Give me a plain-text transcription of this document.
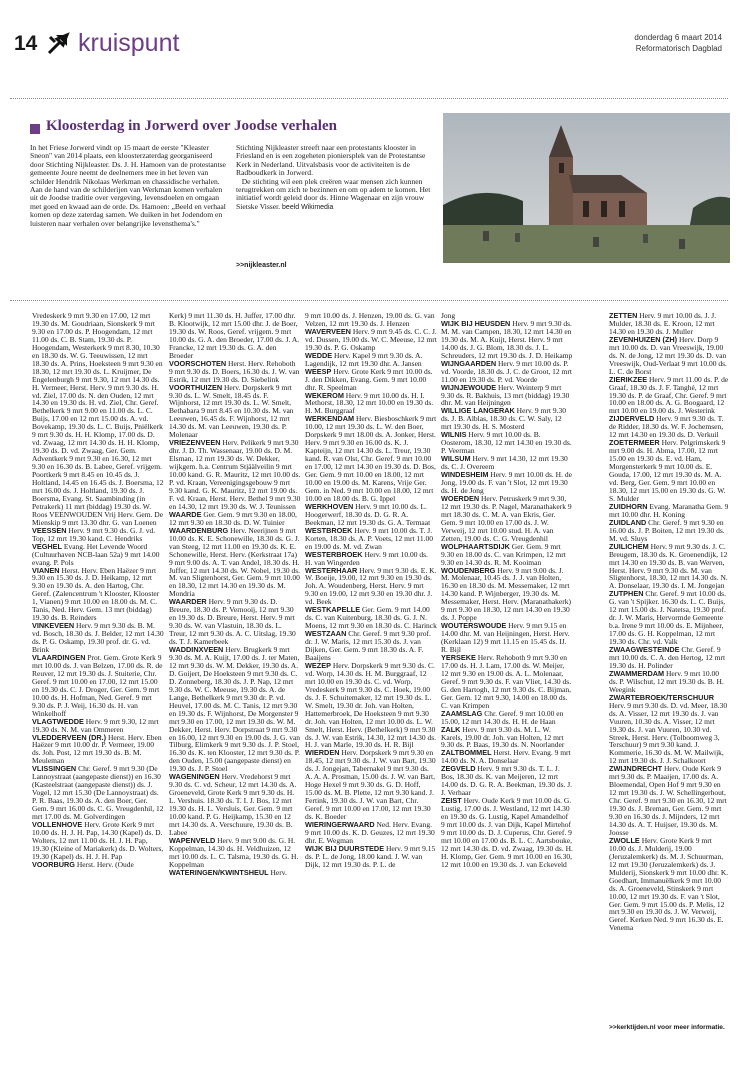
14 kruispunt	donderdag 6 maart 2014
Reformatorisch Dagblad
Kloosterdag in Jorwerd over Joodse verhalen

In het Friese Jorwerd vindt op 15 maart de eerste "Kleaster Sneon" van 2014 plaats, een kloosterzaterdag georganiseerd door Stichting Nijkleaster. Ds. J. H. Hamoen van de protestantse gemeente Joure neemt de deelnemers mee in het leven van schilder Hendrik Nikolaas Werkman en chassidische verhalen. Aan de hand van de schilderijen van Werkman komen verhalen uit de Joodse traditie over vergeving, levensdoelen en omgaan met goed en kwaad aan de orde. Ds. Hamoen: „Beeld en verhaal komen op deze zaterdag samen. We duiken in het Jodendom en luisteren naar verhalen over belangrijke levensthema's."

Stichting Nijkleaster streeft naar een protestants klooster in Friesland en is een zogeheten pioniersplek van de Protestantse Kerk in Nederland. Uitvalsbasis voor de activiteiten is de Radboudkerk in Jorwerd.
De stichting wil een plek creëren waar mensen zich kunnen terugtrekken om zich te bezinnen en om op adem te komen. Het initiatief wordt geleid door ds. Hinne Wagenaar en zijn vrouw Sietske Visser. beeld Wikimedia

>>nijkleaster.nl

Vredeskerk 9 mrt 9.30 en 17.00, 12 mrt 19.30 ds. M. Goudriaan, Sionskerk 9 mrt 9.30 en 17.00 ds. P. Hoogendam, 12 mrt 11.00 ds. C. B. Stam, 19.30 ds. P. Hoogendam, Westerkerk 9 mrt 8.30, 10.30 en 18.30 ds. W. G. Teeuwissen, 12 mrt 18.30 ds. A. Prins, Hoeksteen 9 mrt 9.30 en 18.30, 12 mrt 19.30 ds. L. Kruijmer, De Engelenburgh 9 mrt 9.30, 12 mrt 14.30 ds. H. Vermeer, Herst. Herv. 9 mrt 9.30 ds. H. vd. Ziel, 17.00 ds. N. den Ouden, 12 mrt 14.30 en 19.30 ds. H. vd. Ziel, Chr. Geref. Bethelkerk 9 mrt 9.00 en 11.00 ds. L. C. Buijs, 17.00 en 12 mrt 15.00 ds. A. vd. Bovekamp, 19.30 ds. L. C. Buijs, Pniëlkerk 9 mrt 9.30 ds. H. H. Klomp, 17.00 ds. D. vd. Zwaag, 12 mrt 14.30 ds. H. H. Klomp, 19.30 ds. D. vd. Zwaag, Ger. Gem. Adventkerk 9 mrt 9.30 en 16.30, 12 mrt 9.30 en 16.30 ds. B. Labee, Geref. vrijgem. Poortkerk 9 mrt 8.45 en 10.45 ds. J. Holtland, 14.45 en 16.45 ds. J. Boersma, 12 mrt 16.00 ds. J. Holtland, 19.30 ds. J. Boersma, Evang. St. Saambinding (in Petrakerk) 11 mrt (biddag) 19.30 ds. W. Roos VEENWOUDEN Vrij Herv. Gem. De Mienskip 9 mrt 13.30 dhr. G. van Loenen

VEESSEN Herv. 9 mrt 9.30 ds. G. J. vd. Top, 12 mrt 19.30 kand. C. Hendriks

VEGHEL Evang. Het Levende Woord (Cultuurhaven NCB-laan 52a) 9 mrt 14.00 evang. P. Pols

VIANEN Herst. Herv. Eben Haëzer 9 mrt 9.30 en 15.30 ds. J. D. Heikamp, 12 mrt 9.30 en 19.30 ds. A. den Hartog, Chr. Geref. (Zalencentrum 't Klooster, Klooster 1, Vianen) 9 mrt 10.00 en 18.00 ds. M. C. Tanis, Ned. Herv. Gem. 13 mrt (biddag) 19.30 ds. B. Reinders

VINKEVEEN Herv. 9 mrt 9.30 ds. B. M. vd. Bosch, 18.30 ds. J. Belder, 12 mrt 14.30 ds. P. G. Oskamp, 19.30 prof. dr. G. vd. Brink

VLAARDINGEN Prot. Gem. Grote Kerk 9 mrt 10.00 ds. J. van Belzen, 17.00 ds. R. de Reuver, 12 mrt 19.30 ds. J. Stuiterie, Chr. Geref. 9 mrt 10.00 en 17.00, 12 mrt 15.00 en 19.30 ds. C. J. Droger, Ger. Gem. 9 mrt 10.00 ds. H. Hofman, Ned. Geref. 9 mrt 9.30 ds. P. J. Weij, 16.30 ds. H. van Winkelhoff

VLAGTWEDDE Herv. 9 mrt 9.30, 12 mrt 19.30 ds. N. M. van Ommeren

VLEDDERVEEN (DR.) Herst. Herv. Eben Haëzer 9 mrt 10.00 dr. P. Vermeer, 19.00 ds. Joh. Post, 12 mrt 19.30 ds. B. M. Meuleman

VLISSINGEN Chr. Geref. 9 mrt 9.30 (De Lannoystraat (aangepaste dienst)) en 16.30 (Kasteelstraat (aangepaste dienst)) ds. J. Vogel, 12 mrt 15.30 (De Lannoystraat) ds. P. R. Baas, 19.30 ds. A. den Boer, Ger. Gem. 9 mrt 16.00 ds. C. G. Vreugdenhil, 12 mrt 17.00 ds. M. Golverdingen

VOLLENHOVE Herv. Grote Kerk 9 mrt 10.00 ds. H. J. H. Pap, 14.30 (Kapel) ds. D. Wolters, 12 mrt 11.00 ds. H. J. H. Pap, 19.30 (Kleine of Mariakerk) ds. D. Wolters, 19.30 (Kapel) ds. H. J. H. Pap

VOORBURG Herst. Herv. (Oude

Kerk) 9 mrt 11.30 ds. H. Juffer, 17.00 dhr. B. Klootwijk, 12 mrt 15.00 dhr. J. de Boer, 19.30 ds. W. Roos, Geref. vrijgem. 9 mrt 10.00 ds. G. A. den Broeder, 17.00 ds. J. A. Francke, 12 mrt 19.30 ds. G. A. den Broeder

VOORSCHOTEN Herst. Herv. Rehoboth 9 mrt 9.30 ds. D. Boers, 16.30 ds. J. W. van Estrik, 12 mrt 19.30 ds. D. Siebelink

VOORTHUIZEN Herv. Dorpskerk 9 mrt 9.30 ds. L. W. Smelt, 18.45 ds. F. Wijnhorst, 12 mrt 19.30 ds. L. W. Smelt, Bethabara 9 mrt 8.45 en 10.30 ds. M. van Leeuwen, 16.45 ds. F. Wijnhorst, 12 mrt 14.30 ds. M. van Leeuwen, 19.30 ds. P. Molenaar

VRIEZENVEEN Herv. Pelikerk 9 mrt 9.30 dhr. J. D. Th. Wassenaar, 19.00 ds. D. M. Elsman, 12 mrt 19.30 ds. W. Dekker, wijkgem. h.a. Centrum Stjäälveilin 9 mrt 10.00 kand. G. R. Mauritz, 12 mrt 10.00 ds. P. vd. Kraan, Vereenigingsgebouw 9 mrt 9.30 kand. G. K. Mauritz, 12 mrt 19.00 ds. F. vd. Kraan, Herst. Herv. Bethel 9 mrt 9.30 en 14.30, 12 mrt 19.30 ds. W. J. Teunissen

WAARDE Ger. Gem. 9 mrt 9.30 en 18.00, 12 mrt 9.30 en 18.30 ds. D. W. Tuinier

WAARDENBURG Herv. Neerijnen 9 mrt 10.00 ds. K. E. Schonewille, 18.30 ds. G. J. van Steeg, 12 mrt 11.00 en 19.30 ds. K. E. Schonewille, Herst. Herv. (Kerkstraat 17a) 9 mrt 9.00 ds. A. T. van Andel, 18.30 ds. H. Juffer, 12 mrt 14.30 ds. W. Nobel, 19.30 ds. M. van Sligtenhorst, Ger. Gem. 9 mrt 10.00 en 18.30, 12 mrt 14.30 en 19.30 ds. M. Mondria

WAARDER Herv. 9 mrt 9.30 ds. D. Breure, 18.30 ds. P. Vernooij, 12 mrt 9.30 en 19.30 ds. D. Breure, Herst. Herv. 9 mrt 9.30 ds. W. van Vlastuin, 18.30 ds. L. Treur, 12 mrt 9.30 ds. A. C. Uitslag, 19.30 ds. T. J. Kamerbeek

WADDINXVEEN Herv. Brugkerk 9 mrt 9.30 ds. M. A. Kuijt, 17.00 ds. J. ter Maten, 12 mrt 9.30 ds. W. M. Dekker, 19.30 ds. A. D. Goijert, De Hoeksteen 9 mrt 9.30 ds. C. D. Zonneberg, 18.30 ds. J. P. Nap, 12 mrt 9.30 ds. W. C. Meeuse, 19.30 ds. A. de Lange, Bethelkerk 9 mrt 9.30 dr. P. vd. Heuvel, 17.00 ds. M. C. Tanis, 12 mrt 9.30 en 19.30 ds. F. Wijnhorst, De Morgenster 9 mrt 9.30 en 17.00, 12 mrt 19.30 ds. W. M. Dekker, Herst. Herv. Dorpstraat 9 mrt 9.30 en 16.00, 12 mrt 9.30 en 19.00 ds. J. G. van Tilburg, Elimkerk 9 mrt 9.30 ds. J. P. Stoel, 16.30 ds. K. ten Klooster, 12 mrt 9.30 ds. P. den Ouden, 15.00 (aangepaste dienst) en 19.30 ds. J. P. Stoel

WAGENINGEN Herv. Vredehorst 9 mrt 9.30 ds. C. vd. Scheur, 12 mrt 14.30 ds. A. Groeneveld, Grote Kerk 9 mrt 9.30 ds. H. L. Vershuis. 18.30 ds. T. I. J. Bos, 12 mrt 19.30 ds. H. L. Versluis, Ger. Gem. 9 mrt 10.00 kand. P. G. Heijkamp, 15.30 en 12 mrt 14.30 ds. A. Verschuure, 19.30 ds. B. Labee

WAPENVELD Herv. 9 mrt 9.00 ds. G. H. Koppelman, 14.30 ds. H. Veldhuizen, 12 mrt 10.00 ds. L. C. Talsma, 19.30 ds. G. H. Koppelman

WATERINGEN/KWINTSHEUL Herv.

9 mrt 10.00 ds. J. Henzen, 19.00 ds. G. van Velzen, 12 mrt 19.30 ds. J. Henzen

WAVERVEEN Herv. 9 mrt 9.45 ds. C. C. J. vd. Dussen, 19.00 ds. W. C. Meeuse, 12 mrt 19.30 ds. P. G. Oskamp

WEDDE Herv. Kapel 9 mrt 9.30 ds. A. Lagendijk, 12 mrt 19.30 dhr. A. Jansen

WEESP Herv. Grote Kerk 9 mrt 10.00 ds. J. den Dikken, Evang. Gem. 9 mrt 10.00 dhr. R. Speelman

WEKEROM Herv. 9 mrt 10.00 ds. H. I. Methorst, 18.30, 12 mrt 10.00 en 19.30 ds. H. M. Burggraaf

WERKENDAM Herv. Biesboschkerk 9 mrt 10.00, 12 mrt 19.30 ds. L. W. den Boer, Dorpskerk 9 mrt 18.00 ds. A. Jonker, Herst. Herv. 9 mrt 9.30 en 16.00 ds. K. J. Kapteijn, 12 mrt 14.30 ds. L. Treur, 19.30 kand. R. van Olst, Chr. Geref. 9 mrt 10.00 en 17.00, 12 mrt 14.30 en 19.30 ds. D. Bos, Ger. Gem. 9 mrt 10.00 en 18.00, 12 mrt 10.00 en 19.00 ds. M. Karens, Vrije Ger. Gem. in Ned. 9 mrt 10.00 en 18.00, 12 mrt 10.00 en 18.00 ds. B. G. Ippel

WERKHOVEN Herv. 9 mrt 10.00 ds. L. Hoogerwerf, 18.30 ds. D. G. R. A. Beekman, 12 mrt 19.30 ds. G. A. Termaat

WESTBROEK Herv. 9 mrt 10.00 ds. T. J. Korten, 18.30 ds. A. P. Voets, 12 mrt 11.00 en 19.00 ds. M. vd. Zwan

WESTERBROEK Herv. 9 mrt 10.00 ds. H. van Wingerden

WESTERHAAR Herv. 9 mrt 9.30 ds. E. K. W. Boeije, 19.00, 12 mrt 9.30 en 19.30 ds. Joh. A. Woudenberg, Herst. Herv. 9 mrt 9.30 en 19.00, 12 mrt 9.30 en 19.30 dhr. J. vd. Beek

WESTKAPELLE Ger. Gem. 9 mrt 14.00 ds. C. van Kuitenburg, 18.30 ds. G. J. N. Moens, 12 mrt 9.30 en 18.30 ds. C. Harinck

WESTZAAN Chr. Geref. 9 mrt 9.30 prof. dr. J. W. Maris, 12 mrt 15.30 ds. J. van Dijken, Ger. Gem. 9 mrt 18.30 ds. A. F. Baaijens

WEZEP Herv. Dorpskerk 9 mrt 9.30 ds. C. vd. Worp, 14.30 ds. H. M. Burggraaf, 12 mrt 10.00 en 19.30 ds. C. vd. Worp, Vredeskerk 9 mrt 9.30 ds. C. Hoek, 19.00 ds. J. F. Schuitemaker, 12 mrt 19.30 ds. L. W. Smelt, 19.30 dr. Joh. van Holten, Hattemerbroek, De Hoeksteen 9 mrt 9.30 dr. Joh. van Holten, 12 mrt 10.00 ds. L. W. Smelt, Herst. Herv. (Bethelkerk) 9 mrt 9.30 ds. J. W. van Estrik, 14.30, 12 mrt 14.30 ds. H. J. van Marle, 19.30 ds. H. R. Bijl

WIERDEN Herv. Dorpskerk 9 mrt 9.30 en 18.45, 12 mrt 9.30 ds. J. W. van Bart, 19.30 ds. J. Jongejan, Tabernakel 9 mrt 9.30 ds. A. A. A. Prosman, 15.00 ds. J. W. van Bart, Hoge Hexel 9 mrt 9.30 ds. G. D. Hoff, 15.00 ds. M. B. Plette, 12 mrt 9.30 kand. J. Fertink, 19.30 ds. J. W. van Bart, Chr. Geref. 9 mrt 10.00 en 17.00, 12 mrt 19.30 ds. K. Boeder

WIERINGERWAARD Ned. Herv. Evang. 9 mrt 10.00 ds. K. D. Geuzes, 12 mrt 19.30 dhr. E. Wegman

WIJK BIJ DUURSTEDE Herv. 9 mrt 9.15 ds. P. L. de Jong, 18.00 kand. J. W. van Dijk, 12 mrt 19.30 ds. P. L. de

Jong

WIJK BIJ HEUSDEN Herv. 9 mrt 9.30 ds. M. M. van Campen, 18.30, 12 mrt 14.30 en 19.30 ds. M. A. Kuijt, Herst. Herv. 9 mrt 14.00 ds. J. G. Blom, 18.30 ds. J. L. Schreuders, 12 mrt 19.30 ds. J. D. Heikamp

WIJNGAARDEN Herv. 9 mrt 10.00 ds. P. vd. Voorde, 18.30 ds. J. C. de Groot, 12 mrt 11.00 en 19.30 ds. P. vd. Voorde

WIJNJEWOUDE Herv. Weinterp 9 mrt 9.30 ds. R. Bakhuis, 13 mrt (biddag) 19.30 dhr. M. van Heijningen

WILLIGE LANGERAK Herv. 9 mrt 9.30 ds. J. B. Alblas, 18.30 ds. C. W. Saly, 12 mrt 19.30 ds. H. S. Mosterd

WILNIS Herv. 9 mrt 10.00 ds. B. Oosterom, 18.30, 12 mrt 14.30 en 19.30 ds. P. Veerman

WILSUM Herv. 9 mrt 14.30, 12 mrt 19.30 ds. C. J. Overeem

WINDESHEIM Herv. 9 mrt 10.00 ds. H. de Jong, 19.00 ds. F. van 't Slot, 12 mrt 19.30 ds. H. de Jong

WOERDEN Herv. Petruskerk 9 mrt 9.30, 12 mrt 19.30 ds. P. Nagel, Maranathakerk 9 mrt 18.30 ds. C. M. A. van Ekris, Ger. Gem. 9 mrt 10.00 en 17.00 ds. J. W. Verweij, 12 mrt 10.00 stud. H. A. van Zetten, 19.00 ds. C. G. Vreugdenhil

WOLPHAARTSDIJK Ger. Gem. 9 mrt 9.30 en 18.00 ds. C. van Krimpen, 12 mrt 9.30 en 14.30 ds. R. M. Kooiman

WOUDENBERG Herv. 9 mrt 9.00 ds. J. M. Molenaar, 10.45 ds. J. J. van Holten, 16.30 en 18.30 ds. M. Messemaker, 12 mrt 14.30 kand. P. Wijnberger, 19.30 ds. M. Messemaker, Herst. Herv. (Maranathakerk) 9 mrt 9.30 en 18.30, 12 mrt 14.30 en 19.30 ds. J. Poppe

WOUTERSWOUDE Herv. 9 mrt 9.15 en 14.00 dhr. M. van Heijningen, Herst. Herv. (Kerklaan 12) 9 mrt 11.15 en 15.45 ds. IJ. R. Bijl

YERSEKE Herv. Rehoboth 9 mrt 9.30 en 17.00 ds. H. J. Lam, 17.00 ds. W. Meijer, 12 mrt 9.30 en 19.00 ds. A. L. Molenaar, Geref. 9 mrt 9.30 ds. F. van Vliet, 14.30 ds. G. den Hartogh, 12 mrt 9.30 ds. C. Bijman, Ger. Gem. 12 mrt 9.30, 14.00 en 18.00 ds. C. van Krimpen

ZAAMSLAG Chr. Geref. 9 mrt 10.00 en 15.00, 12 mrt 14.30 ds. H. H. de Haan

ZALK Herv. 9 mrt 9.30 ds. M. L. W. Karels, 19.00 dr. Joh. van Holten, 12 mrt 9.30 ds. P. Baas, 19.30 ds. N. Noorlander

ZALTBOMMEL Herst. Herv. Evang. 9 mrt 14.00 ds. N. A. Donselaar

ZEGVELD Herv. 9 mrt 9.30 ds. T. L. J. Bos, 18.30 ds. K. van Meijeren, 12 mrt 14.00 ds. D. G. R. A. Beekman, 19.30 ds. J. J. Verhaar

ZEIST Herv. Oude Kerk 9 mrt 10.00 ds. G. Lustig, 17.00 ds. J. Westland, 12 mrt 14.30 en 19.30 ds. G. Lustig, Kapel Amandelhof 9 mrt 10.00 ds. J. van Dijk, Kapel Mirtehof 9 mrt 10.00 ds. D. J. Cuperus, Chr. Geref. 9 mrt 10.00 en 17.00 ds. B. L. C. Aartsbouke, 12 mrt 14.30 ds. D. vd. Zwaag, 19.30 ds. H. H. Klomp, Ger. Gem. 9 mrt 10.00 en 16.30, 12 mrt 10.00 en 19.30 ds. J. van Eckeveld

ZETTEN Herv. 9 mrt 10.00 ds. J. J. Mulder, 18.30 ds. E. Kroon, 12 mrt 14.30 en 19.30 ds. J. Muller

ZEVENHUIZEN (ZH) Herv. Dorp 9 mrt 10.00 ds. D. van Vreeswijk, 19.00 ds. N. de Jong, 12 mrt 19.30 ds. D. van Vreeswijk, Oud-Verlaat 9 mrt 10.00 ds. L. C. de Borst

ZIERIKZEE Herv. 9 mrt 11.00 ds. P. de Graaf, 18.30 ds. J. F. Tanghé, 12 mrt 19.30 ds. P. de Graaf, Chr. Geref. 9 mrt 10.00 en 18.00 ds. A. G. Boogaard, 12 mrt 10.00 en 19.00 ds. J. Westerink

ZIJDERVELD Herv. 9 mrt 9.30 ds. T. de Ridder, 18.30 ds. W. F. Jochemsen, 12 mrt 14.30 en 19.30 ds. D. Verkuil

ZOETERMEER Herv. Pelgrimskerk 9 mrt 9.00 ds. H. Abma, 17.00, 12 mrt 15.00 en 19.30 ds. E. vd. Ham, Morgensterkerk 9 mrt 10.00 ds. E. Gouda, 17.00, 12 mrt 19.30 ds. M. A. vd. Berg, Ger. Gem. 9 mrt 10.00 en 18.30, 12 mrt 15.00 en 19.30 ds. G. W. S. Mulder

ZUIDHORN Evang. Maranatha Gem. 9 mrt 10.00 dhr. H. Koning

ZUIDLAND Chr. Geref. 9 mrt 9.30 en 16.00 ds. J. P. Boiten, 12 mrt 19.30 ds. M. vd. Sluys

ZUILICHEM Herv. 9 mrt 9.30 ds. J. C. Breugem, 18.30 ds. K. Groenendijk, 12 mrt 14.30 en 19.30 ds. B. van Werven, Herst. Herv. 9 mrt 9.30 ds. M. van Sligtenhorst, 18.30, 12 mrt 14.30 ds. N. A. Donselaar, 19.30 ds. I. M. Jongejan

ZUTPHEN Chr. Geref. 9 mrt 10.00 ds. G. van 't Spijker. 16.30 ds. L. C. Buijs, 12 mrt 15.00 ds. J. Natetsa, 19.30 prof. dr. J. W. Maris, Hervormde Gemeente b.a. Irene 9 mrt 10.00 ds. E. Mijnheer, 17.00 ds. G. H. Koppelman, 12 mrt 19.30 ds. Chr. vd. Valk

ZWAAGWESTEINDE Chr. Geref. 9 mrt 10.00 ds. C. A. den Hertog, 12 mrt 19.30 ds. H. Polinder

ZWAMMERDAM Herv. 9 mrt 10.00 ds. P. Wilschut, 12 mrt 19.30 ds. B. H. Weegink

ZWARTEBROEK/TERSCHUUR Herv. 9 mrt 9.30 ds. D. vd. Meer, 18.30 ds. A. Visser, 12 mrt 19.30 ds. J. van Vuuren, 10.30 ds. A. Visser, 12 mrt 19.30 ds. J. van Vuuren, 10.30 vd. Streek, Herst. Herv. (Tolboomweg 3, Terschuur) 9 mrt 9.30 kand. J. Kommerie, 16.30 ds. M. W. Mailwijk, 12 mrt 19.30 ds. J. J. Schalkoort

ZWIJNDRECHT Herv. Oude Kerk 9 mrt 9.30 ds. P. Maaijen, 17.00 ds. A. Bloemendal, Open Hof 9 mrt 9.30 en 12 mrt 19.30 ds. J. W. Schellingerhout, Chr. Geref. 9 mrt 9.30 en 16.30, 12 mrt 19.30 ds. J. Breman, Ger. Gem. 9 mrt 9.30 en 16.30 ds. J. Mijnders, 12 mrt 14.30 ds. A. T. Huijser, 19.30 ds. M. Joosse

ZWOLLE Herv. Grote Kerk 9 mrt 10.00 ds. J. Mulderij, 19.00 (Jeruzalemkerk) ds. M. J. Schuurman, 12 mrt 19.30 (Jeruzalemkerk) ds. J. Mulderij, Sionskerk 9 mrt 10.00 dhr. K. Goedhart, Immanuëlkerk 9 mrt 10.00 ds. A. Groeneveld, Stinskerk 9 mrt 10.00, 12 mrt 19.30 ds. F. van 't Slot, Ger. Gem. 9 mrt 15.00 ds. P. Melis, 12 mrt 9.30 en 19.30 ds. J. W. Verweij, Geref. Kerken Ned. 9 mrt 16.30 ds. E. Venema

>>kerktijden.nl voor meer informatie.
